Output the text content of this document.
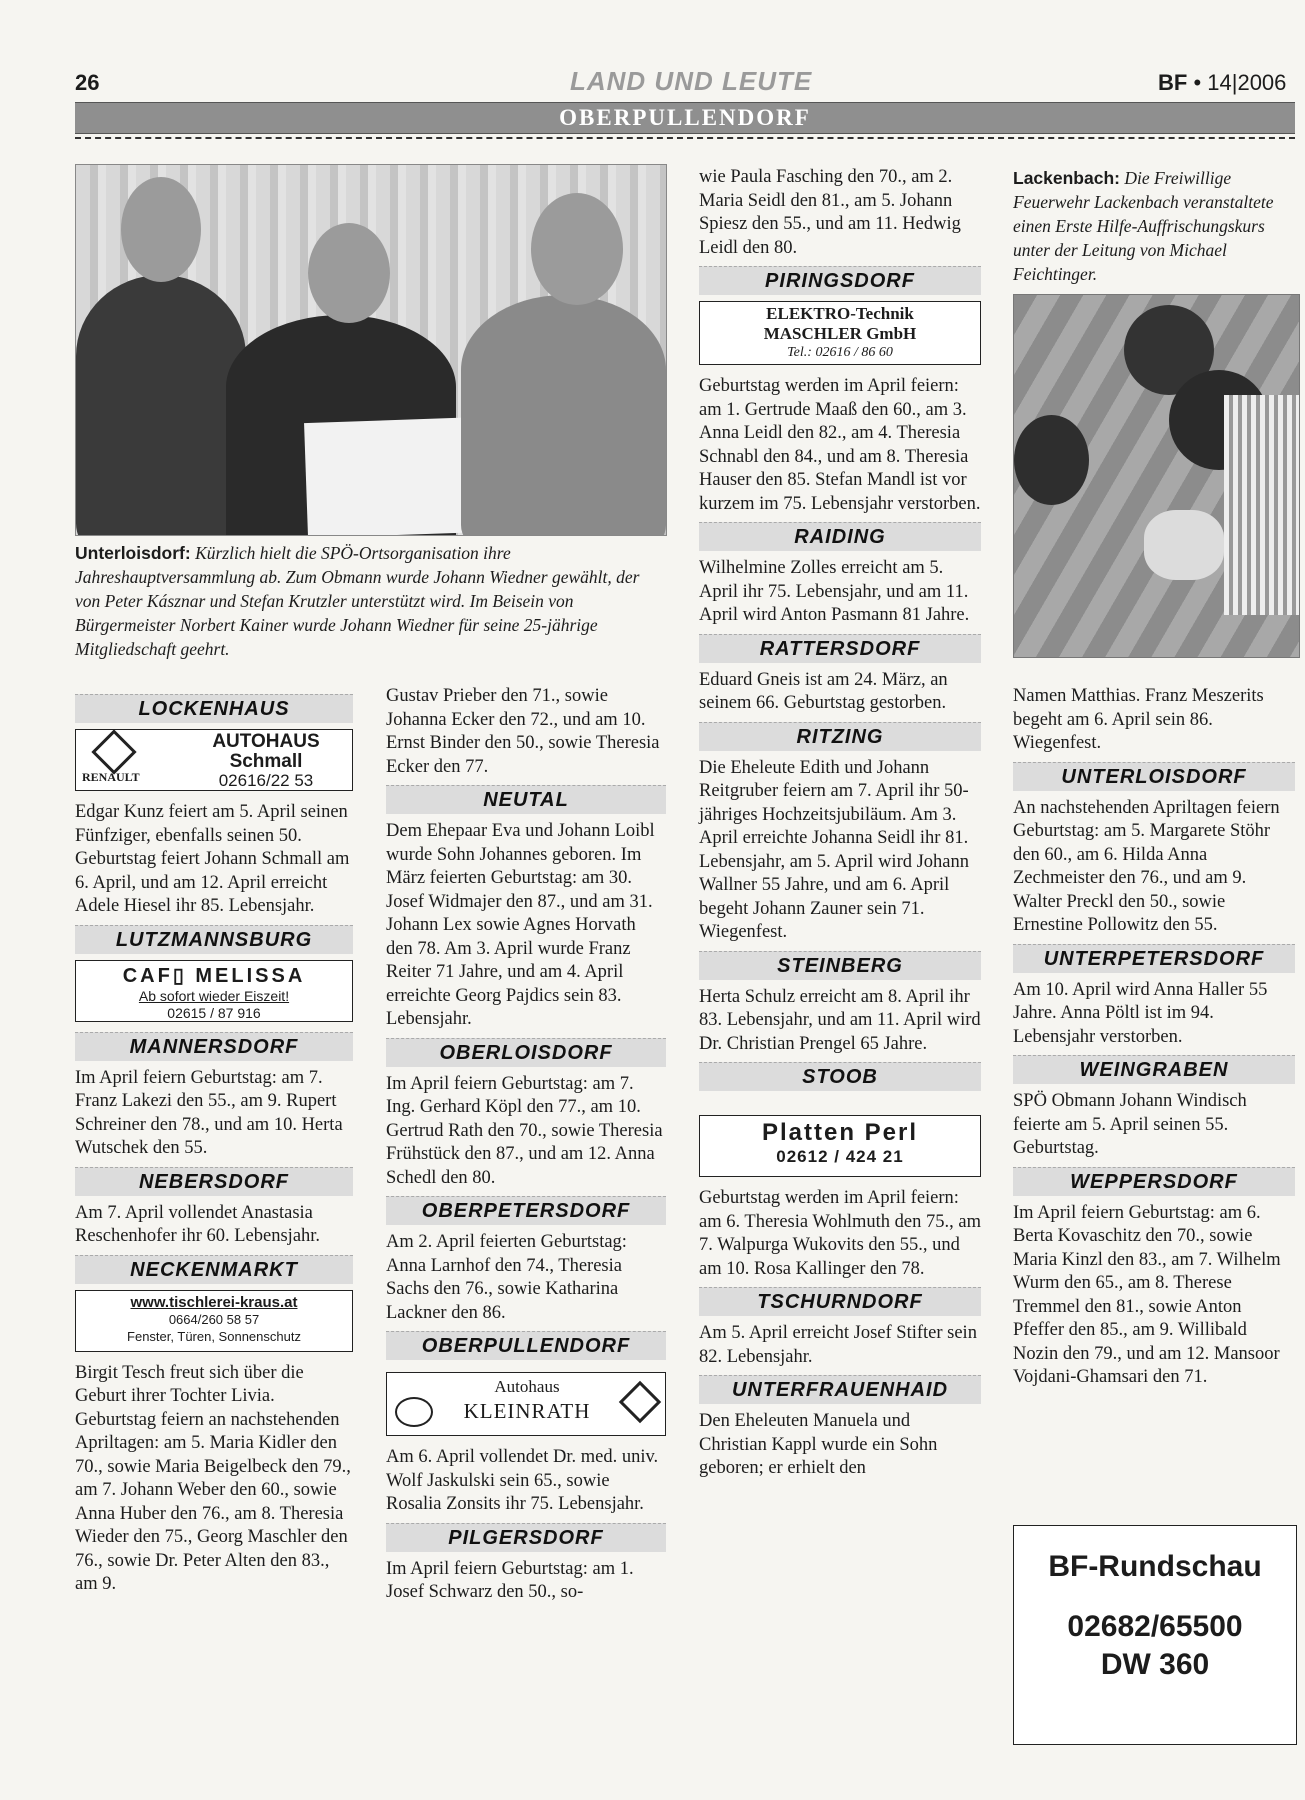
26	LAND UND LEUTE	BF • 14|2006
OBERPULLENDORF
Unterloisdorf: Kürzlich hielt die SPÖ-Ortsorganisation ihre Jahreshauptversammlung ab. Zum Obmann wurde Johann Wiedner gewählt, der von Peter Kásznar und Stefan Krutzler unterstützt wird. Im Beisein von Bürgermeister Norbert Kainer wurde Johann Wiedner für seine 25-jährige Mitgliedschaft geehrt.
Lackenbach: Die Freiwillige Feuerwehr Lackenbach veranstaltete einen Erste Hilfe-Auffrischungskurs unter der Leitung von Michael Feichtinger.
LOCKENHAUS
RENAULT
AUTOHAUS
Schmall
02616/22 53

Edgar Kunz feiert am 5. April seinen Fünfziger, ebenfalls seinen 50. Geburtstag feiert Johann Schmall am 6. April, und am 12. April erreicht Adele Hiesel ihr 85. Lebensjahr.

LUTZMANNSBURG
CAF▯ MELISSA
Ab sofort wieder Eiszeit!
02615 / 87 916
MANNERSDORF

Im April feiern Geburtstag: am 7. Franz Lakezi den 55., am 9. Rupert Schreiner den 78., und am 10. Herta Wutschek den 55.

NEBERSDORF

Am 7. April vollendet Anastasia Reschenhofer ihr 60. Lebensjahr.

NECKENMARKT
www.tischlerei-kraus.at
0664/260 58 57
Fenster, Türen, Sonnenschutz

Birgit Tesch freut sich über die Geburt ihrer Tochter Livia. Geburtstag feiern an nachstehenden Apriltagen: am 5. Maria Kidler den 70., sowie Maria Beigelbeck den 79., am 7. Johann Weber den 60., sowie Anna Huber den 76., am 8. Theresia Wieder den 75., Georg Maschler den 76., sowie Dr. Peter Alten den 83., am 9.

Gustav Prieber den 71., sowie Johanna Ecker den 72., und am 10. Ernst Binder den 50., sowie Theresia Ecker den 77.

NEUTAL

Dem Ehepaar Eva und Johann Loibl wurde Sohn Johannes geboren. Im März feierten Geburtstag: am 30. Josef Widmajer den 87., und am 31. Johann Lex sowie Agnes Horvath den 78. Am 3. April wurde Franz Reiter 71 Jahre, und am 4. April erreichte Georg Pajdics sein 83. Lebensjahr.

OBERLOISDORF

Im April feiern Geburtstag: am 7. Ing. Gerhard Köpl den 77., am 10. Gertrud Rath den 70., sowie Theresia Frühstück den 87., und am 12. Anna Schedl den 80.

OBERPETERSDORF

Am 2. April feierten Geburtstag: Anna Larnhof den 74., Theresia Sachs den 76., sowie Katharina Lackner den 86.

OBERPULLENDORF
Autohaus
KLEINRATH

Am 6. April vollendet Dr. med. univ. Wolf Jaskulski sein 65., sowie Rosalia Zonsits ihr 75. Lebensjahr.

PILGERSDORF

Im April feiern Geburtstag: am 1. Josef Schwarz den 50., so-

wie Paula Fasching den 70., am 2. Maria Seidl den 81., am 5. Johann Spiesz den 55., und am 11. Hedwig Leidl den 80.

PIRINGSDORF
ELEKTRO-Technik
MASCHLER GmbH
Tel.: 02616 / 86 60

Geburtstag werden im April feiern: am 1. Gertrude Maaß den 60., am 3. Anna Leidl den 82., am 4. Theresia Schnabl den 84., und am 8. Theresia Hauser den 85. Stefan Mandl ist vor kurzem im 75. Lebensjahr verstorben.

RAIDING

Wilhelmine Zolles erreicht am 5. April ihr 75. Lebensjahr, und am 11. April wird Anton Pasmann 81 Jahre.

RATTERSDORF

Eduard Gneis ist am 24. März, an seinem 66. Geburtstag gestorben.

RITZING

Die Eheleute Edith und Johann Reitgruber feiern am 7. April ihr 50-jähriges Hochzeitsjubiläum. Am 3. April erreichte Johanna Seidl ihr 81. Lebensjahr, am 5. April wird Johann Wallner 55 Jahre, und am 6. April begeht Johann Zauner sein 71. Wiegenfest.

STEINBERG

Herta Schulz erreicht am 8. April ihr 83. Lebensjahr, und am 11. April wird Dr. Christian Prengel 65 Jahre.

STOOB
Platten Perl
02612 / 424 21

Geburtstag werden im April feiern: am 6. Theresia Wohlmuth den 75., am 7. Walpurga Wukovits den 55., und am 10. Rosa Kallinger den 78.

TSCHURNDORF

Am 5. April erreicht Josef Stifter sein 82. Lebensjahr.

UNTERFRAUENHAID

Den Eheleuten Manuela und Christian Kappl wurde ein Sohn geboren; er erhielt den

Namen Matthias. Franz Meszerits begeht am 6. April sein 86. Wiegenfest.

UNTERLOISDORF

An nachstehenden Apriltagen feiern Geburtstag: am 5. Margarete Stöhr den 60., am 6. Hilda Anna Zechmeister den 76., und am 9. Walter Preckl den 50., sowie Ernestine Pollowitz den 55.

UNTERPETERSDORF

Am 10. April wird Anna Haller 55 Jahre. Anna Pöltl ist im 94. Lebensjahr verstorben.

WEINGRABEN

SPÖ Obmann Johann Windisch feierte am 5. April seinen 55. Geburtstag.

WEPPERSDORF

Im April feiern Geburtstag: am 6. Berta Kovaschitz den 70., sowie Maria Kinzl den 83., am 7. Wilhelm Wurm den 65., am 8. Therese Tremmel den 81., sowie Anton Pfeffer den 85., am 9. Willibald Nozin den 79., und am 12. Mansoor Vojdani-Ghamsari den 71.

BF-Rundschau
02682/65500
DW 360
